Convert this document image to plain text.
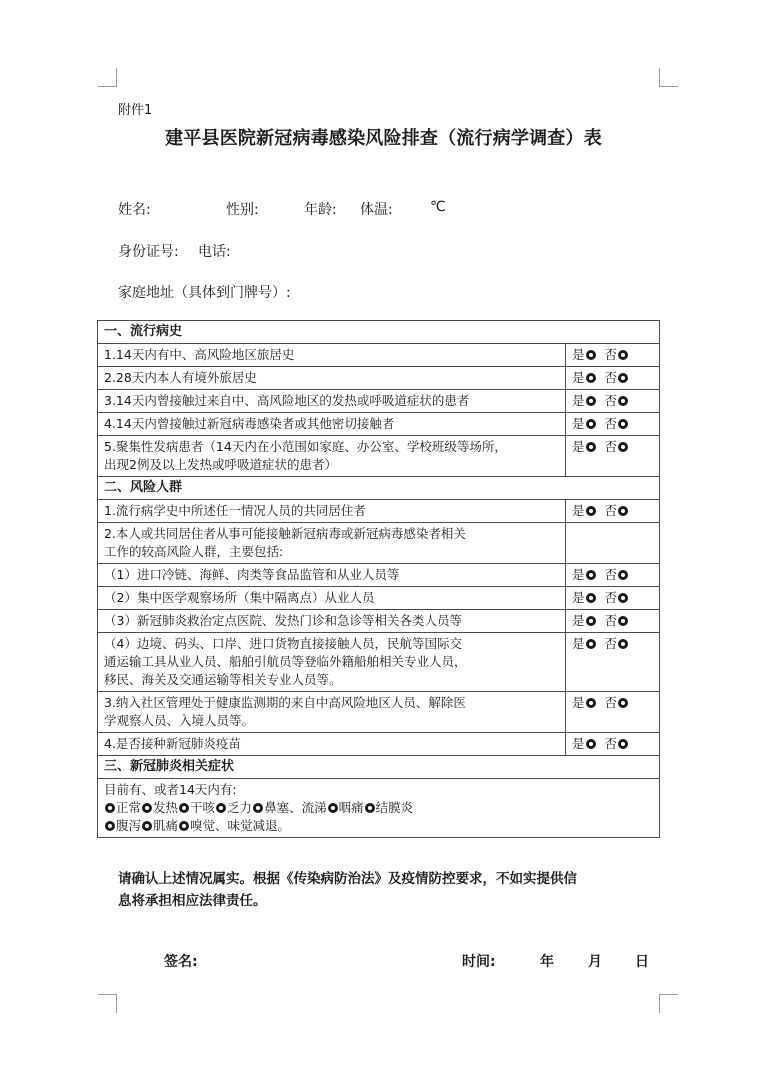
附件1
建平县医院新冠病毒感染风险排查（流行病学调查）表
姓名:	性别:	年龄: 体温:	℃
身份证号: 电话:
家庭地址（具体到门牌号）:
一、流行病史	
1.14天内有中、高风险地区旅居史	是 否
2.28天内本人有境外旅居史	是 否
3.14天内曾接触过来自中、高风险地区的发热或呼吸道症状的患者	是 否
4.14天内曾接触过新冠病毒感染者或其他密切接触者	是 否

5.聚集性发病患者（14天内在小范围如家庭、办公室、学校班级等场所，
出现2例及以上发热或呼吸道症状的患者）	是 否
二、风险人群	
1.流行病学史中所述任一情况人员的共同居住者	是 否

2.本人或共同居住者从事可能接触新冠病毒或新冠病毒感染者相关
工作的较高风险人群，主要包括:	

（1）进口冷链、海鲜、肉类等食品监管和从业人员等	是 否
（2）集中医学观察场所（集中隔离点）从业人员	是 否
（3）新冠肺炎救治定点医院、发热门诊和急诊等相关各类人员等	是 否

（4）边境、码头、口岸、进口货物直接接触人员，民航等国际交
通运输工具从业人员、船舶引航员等登临外籍船舶相关专业人员，
移民、海关及交通运输等相关专业人员等。	是 否

3.纳入社区管理处于健康监测期的来自中高风险地区人员、解除医
学观察人员、入境人员等。	是 否
4.是否接种新冠肺炎疫苗	是 否
三、新冠肺炎相关症状	

目前有、或者14天内有:
正常 发热 干咳 乏力 鼻塞、流涕 咽痛 结膜炎
腹泻 肌痛 嗅觉、味觉减退。	
请确认上述情况属实。根据《传染病防治法》及疫情防控要求，不如实提供信
息将承担相应法律责任。
签名:	时间:	年 月 日
